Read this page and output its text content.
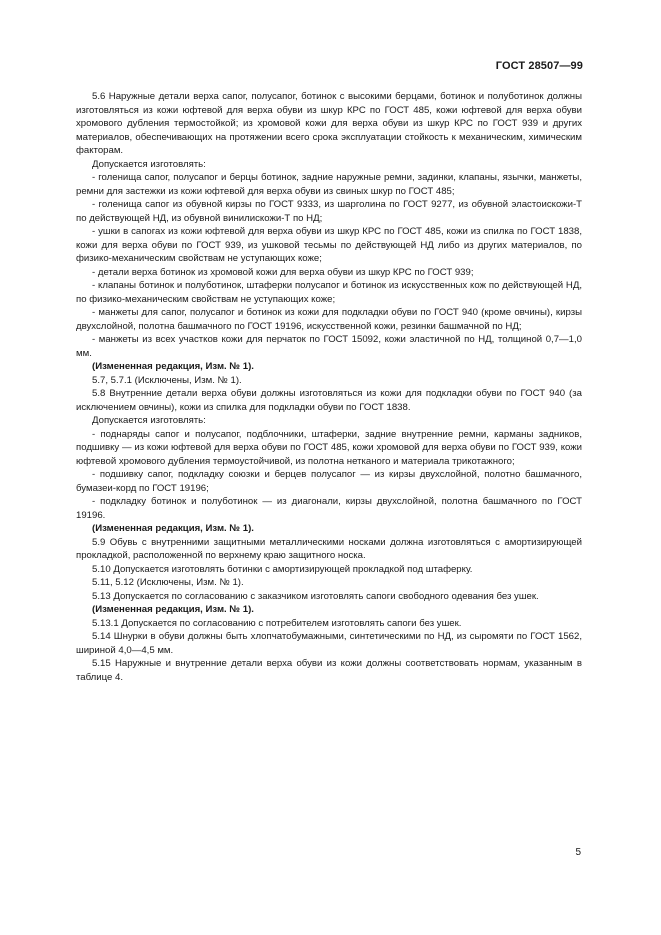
ГОСТ 28507—99

5.6 Наружные детали верха сапог, полусапог, ботинок с высокими берцами, ботинок и полуботинок должны изготовляться из кожи юфтевой для верха обуви из шкур КРС по ГОСТ 485, кожи юфтевой для верха обуви хромового дубления термостойкой; из хромовой кожи для верха обуви из шкур КРС по ГОСТ 939 и других материалов, обеспечивающих на протяжении всего срока эксплуатации стойкость к механическим, химическим факторам.

Допускается изготовлять:

- голенища сапог, полусапог и берцы ботинок, задние наружные ремни, задинки, клапаны, язычки, манжеты, ремни для застежки из кожи юфтевой для верха обуви из свиных шкур по ГОСТ 485;

- голенища сапог из обувной кирзы по ГОСТ 9333, из шарголина по ГОСТ 9277, из обувной эластоискожи-Т по действующей НД, из обувной винилискожи-Т по НД;

- ушки в сапогах из кожи юфтевой для верха обуви из шкур КРС по ГОСТ 485, кожи из спилка по ГОСТ 1838, кожи для верха обуви по ГОСТ 939, из ушковой тесьмы по действующей НД либо из других материалов, по физико-механическим свойствам не уступающих коже;

- детали верха ботинок из хромовой кожи для верха обуви из шкур КРС по ГОСТ 939;

- клапаны ботинок и полуботинок, штаферки полусапог и ботинок из искусственных кож по действующей НД, по физико-механическим свойствам не уступающих коже;

- манжеты для сапог, полусапог и ботинок из кожи для подкладки обуви по ГОСТ 940 (кроме овчины), кирзы двухслойной, полотна башмачного по ГОСТ 19196, искусственной кожи, резинки башмачной по НД;

- манжеты из всех участков кожи для перчаток по ГОСТ 15092, кожи эластичной по НД, толщиной 0,7—1,0 мм.

(Измененная редакция, Изм. № 1).

5.7, 5.7.1 (Исключены, Изм. № 1).

5.8 Внутренние детали верха обуви должны изготовляться из кожи для подкладки обуви по ГОСТ 940 (за исключением овчины), кожи из спилка для подкладки обуви по ГОСТ 1838.

Допускается изготовлять:

- поднаряды сапог и полусапог, подблочники, штаферки, задние внутренние ремни, карманы задников, подшивку — из кожи юфтевой для верха обуви по ГОСТ 485, кожи хромовой для верха обуви по ГОСТ 939, кожи юфтевой хромового дубления термоустойчивой, из полотна нетканого и материала трикотажного;

- подшивку сапог, подкладку союзки и берцев полусапог — из кирзы двухслойной, полотно башмачного, бумазеи-корд по ГОСТ 19196;

- подкладку ботинок и полуботинок — из диагонали, кирзы двухслойной, полотна башмачного по ГОСТ 19196.

(Измененная редакция, Изм. № 1).

5.9 Обувь с внутренними защитными металлическими носками должна изготовляться с амортизирующей прокладкой, расположенной по верхнему краю защитного носка.

5.10 Допускается изготовлять ботинки с амортизирующей прокладкой под штаферку.

5.11, 5.12 (Исключены, Изм. № 1).

5.13 Допускается по согласованию с заказчиком изготовлять сапоги свободного одевания без ушек.

(Измененная редакция, Изм. № 1).

5.13.1 Допускается по согласованию с потребителем изготовлять сапоги без ушек.

5.14 Шнурки в обуви должны быть хлопчатобумажными, синтетическими по НД, из сыромяти по ГОСТ 1562, шириной 4,0—4,5 мм.

5.15 Наружные и внутренние детали верха обуви из кожи должны соответствовать нормам, указанным в таблице 4.

5
